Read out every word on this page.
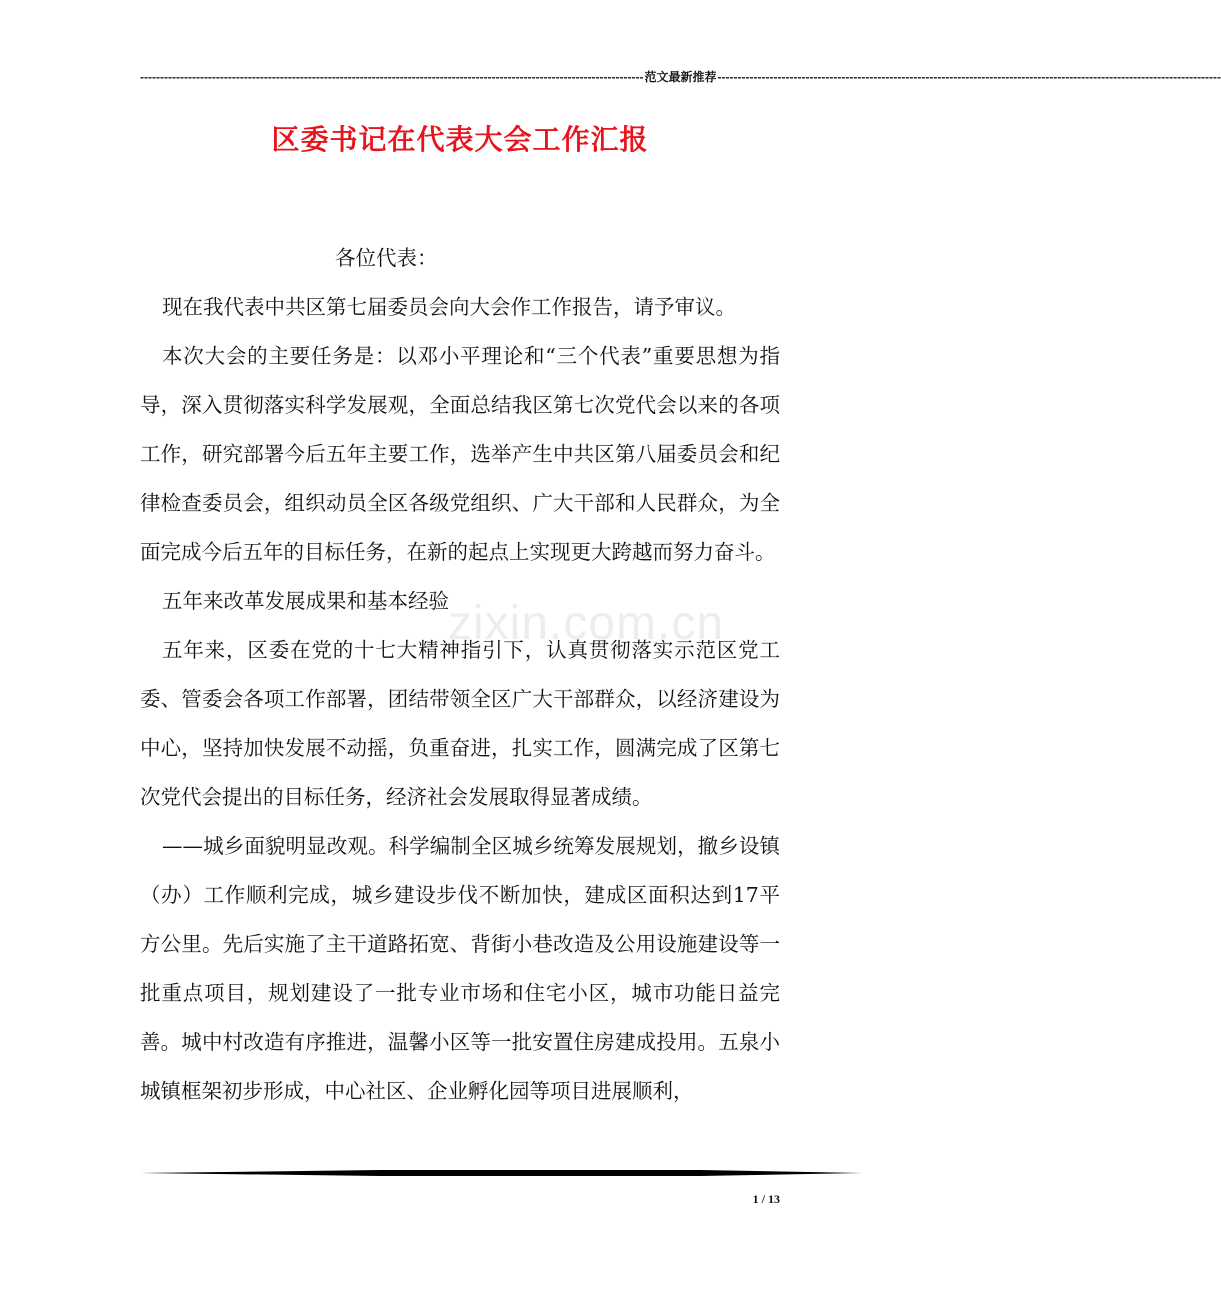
------------------------------------------------------------------------------------------------------------------------------ 范文最新推荐 ------------------------------------------------------------------------------------------------------------------------------
区委书记在代表大会工作汇报

各位代表：

现在我代表中共区第七届委员会向大会作工作报告，请予审议。

本次大会的主要任务是：以邓小平理论和“三个代表”重要思想为指导，深入贯彻落实科学发展观，全面总结我区第七次党代会以来的各项工作，研究部署今后五年主要工作，选举产生中共区第八届委员会和纪律检查委员会，组织动员全区各级党组织、广大干部和人民群众，为全面完成今后五年的目标任务，在新的起点上实现更大跨越而努力奋斗。

五年来改革发展成果和基本经验

五年来，区委在党的十七大精神指引下，认真贯彻落实示范区党工委、管委会各项工作部署，团结带领全区广大干部群众，以经济建设为中心，坚持加快发展不动摇，负重奋进，扎实工作，圆满完成了区第七次党代会提出的目标任务，经济社会发展取得显著成绩。

——城乡面貌明显改观。科学编制全区城乡统筹发展规划，撤乡设镇（办）工作顺利完成，城乡建设步伐不断加快，建成区面积达到17平方公里。先后实施了主干道路拓宽、背街小巷改造及公用设施建设等一批重点项目，规划建设了一批专业市场和住宅小区，城市功能日益完善。城中村改造有序推进，温馨小区等一批安置住房建成投用。五泉小城镇框架初步形成，中心社区、企业孵化园等项目进展顺利，

zixin.com.cn
1 / 13
